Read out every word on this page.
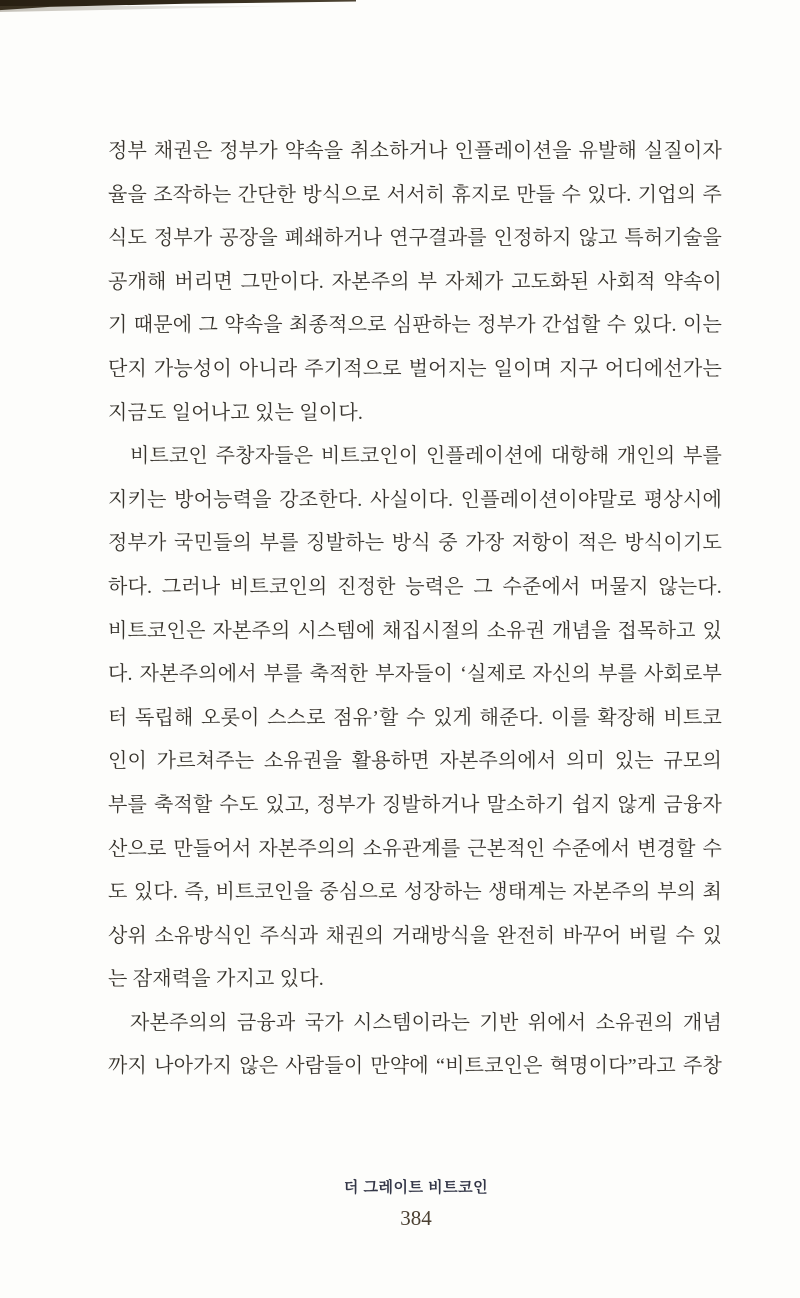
정부 채권은 정부가 약속을 취소하거나 인플레이션을 유발해 실질이자
율을 조작하는 간단한 방식으로 서서히 휴지로 만들 수 있다. 기업의 주
식도 정부가 공장을 폐쇄하거나 연구결과를 인정하지 않고 특허기술을
공개해 버리면 그만이다. 자본주의 부 자체가 고도화된 사회적 약속이
기 때문에 그 약속을 최종적으로 심판하는 정부가 간섭할 수 있다. 이는
단지 가능성이 아니라 주기적으로 벌어지는 일이며 지구 어디에선가는
지금도 일어나고 있는 일이다.
비트코인 주창자들은 비트코인이 인플레이션에 대항해 개인의 부를
지키는 방어능력을 강조한다. 사실이다. 인플레이션이야말로 평상시에
정부가 국민들의 부를 징발하는 방식 중 가장 저항이 적은 방식이기도
하다. 그러나 비트코인의 진정한 능력은 그 수준에서 머물지 않는다.
비트코인은 자본주의 시스템에 채집시절의 소유권 개념을 접목하고 있
다. 자본주의에서 부를 축적한 부자들이 ‘실제로 자신의 부를 사회로부
터 독립해 오롯이 스스로 점유’할 수 있게 해준다. 이를 확장해 비트코
인이 가르쳐주는 소유권을 활용하면 자본주의에서 의미 있는 규모의
부를 축적할 수도 있고, 정부가 징발하거나 말소하기 쉽지 않게 금융자
산으로 만들어서 자본주의의 소유관계를 근본적인 수준에서 변경할 수
도 있다. 즉, 비트코인을 중심으로 성장하는 생태계는 자본주의 부의 최
상위 소유방식인 주식과 채권의 거래방식을 완전히 바꾸어 버릴 수 있
는 잠재력을 가지고 있다.
자본주의의 금융과 국가 시스템이라는 기반 위에서 소유권의 개념
까지 나아가지 않은 사람들이 만약에 “비트코인은 혁명이다”라고 주창
더 그레이트 비트코인
384
